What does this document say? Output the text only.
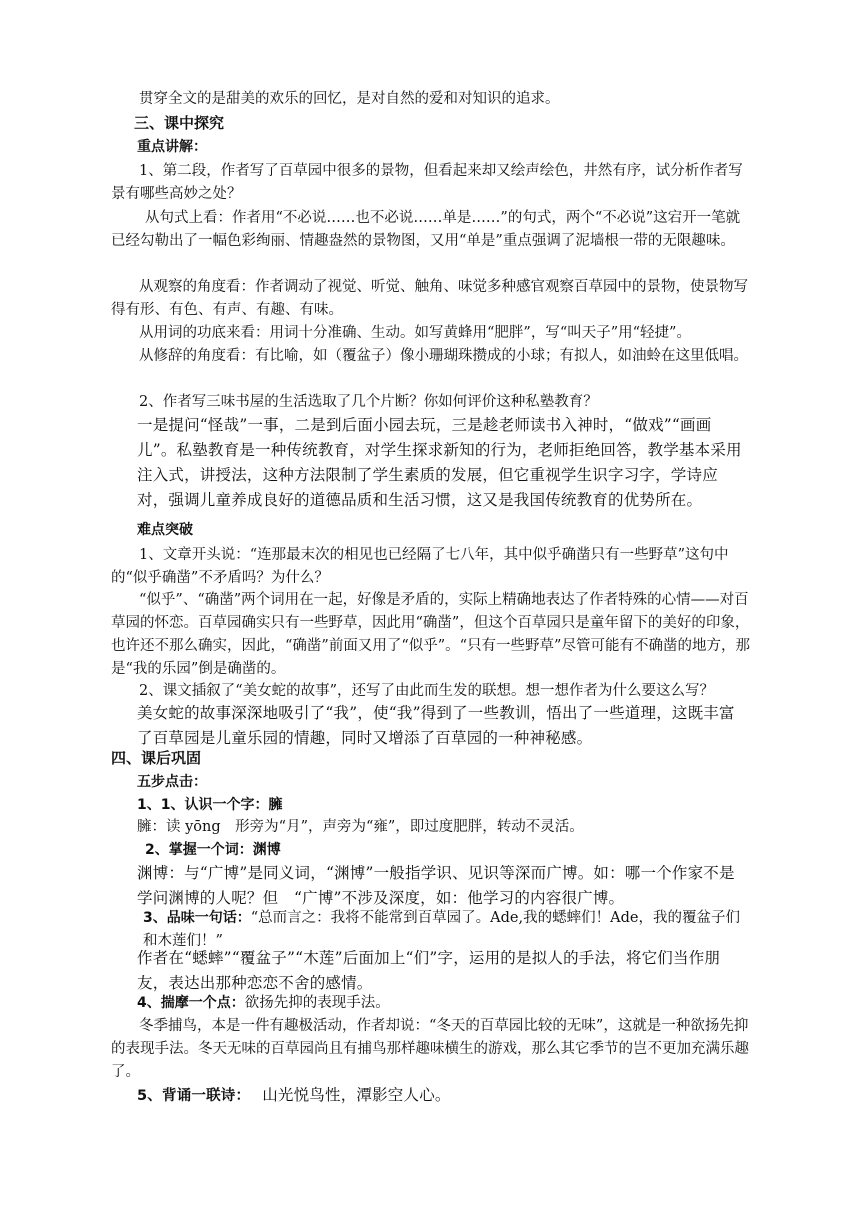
贯穿全文的是甜美的欢乐的回忆，是对自然的爱和对知识的追求。

三、课中探究

重点讲解：

1、第二段，作者写了百草园中很多的景物，但看起来却又绘声绘色，井然有序，试分析作者写景有哪些高妙之处？

从句式上看：作者用“不必说……也不必说……单是……”的句式，两个“不必说”这宕开一笔就已经勾勒出了一幅色彩绚丽、情趣盎然的景物图，又用“单是”重点强调了泥墙根一带的无限趣味。

从观察的角度看：作者调动了视觉、听觉、触角、味觉多种感官观察百草园中的景物，使景物写得有形、有色、有声、有趣、有味。

从用词的功底来看：用词十分准确、生动。如写黄蜂用“肥胖”，写“叫天子”用“轻捷”。

从修辞的角度看：有比喻，如（覆盆子）像小珊瑚珠攒成的小球；有拟人，如油蛉在这里低唱。

2、作者写三味书屋的生活选取了几个片断？你如何评价这种私塾教育？

一是提问“怪哉”一事，二是到后面小园去玩，三是趁老师读书入神时，“做戏”“画画儿”。私塾教育是一种传统教育，对学生探求新知的行为，老师拒绝回答，教学基本采用注入式，讲授法，这种方法限制了学生素质的发展，但它重视学生识字习字，学诗应对，强调儿童养成良好的道德品质和生活习惯，这又是我国传统教育的优势所在。

难点突破

1、文章开头说：“连那最末次的相见也已经隔了七八年，其中似乎确凿只有一些野草”这句中的“似乎确凿”不矛盾吗？为什么？

“似乎”、“确凿”两个词用在一起，好像是矛盾的，实际上精确地表达了作者特殊的心情——对百草园的怀恋。百草园确实只有一些野草，因此用“确凿”，但这个百草园只是童年留下的美好的印象，也许还不那么确实，因此，“确凿”前面又用了“似乎”。“只有一些野草”尽管可能有不确凿的地方，那是“我的乐园”倒是确凿的。

2、课文插叙了“美女蛇的故事”，还写了由此而生发的联想。想一想作者为什么要这么写？

美女蛇的故事深深地吸引了“我”，使“我”得到了一些教训，悟出了一些道理，这既丰富了百草园是儿童乐园的情趣，同时又增添了百草园的一种神秘感。

四、课后巩固

五步点击：

1、1、认识一个字：臃

臃：读 yōng　形旁为“月”，声旁为“雍”，即过度肥胖，转动不灵活。

2、掌握一个词：渊博

渊博：与“广博”是同义词，“渊博”一般指学识、见识等深而广博。如：哪一个作家不是学问渊博的人呢？但　“广博”不涉及深度，如：他学习的内容很广博。

3、品味一句话：“总而言之：我将不能常到百草园了。Ade,我的蟋蟀们！Ade，我的覆盆子们和木莲们！”

作者在“蟋蟀”“覆盆子”“木莲”后面加上“们”字，运用的是拟人的手法，将它们当作朋友，表达出那种恋恋不舍的感情。

4、揣摩一个点：欲扬先抑的表现手法。

冬季捕鸟，本是一件有趣极活动，作者却说：“冬天的百草园比较的无味”，这就是一种欲扬先抑的表现手法。冬天无味的百草园尚且有捕鸟那样趣味横生的游戏，那么其它季节的岂不更加充满乐趣了。

5、背诵一联诗： 山光悦鸟性，潭影空人心。
